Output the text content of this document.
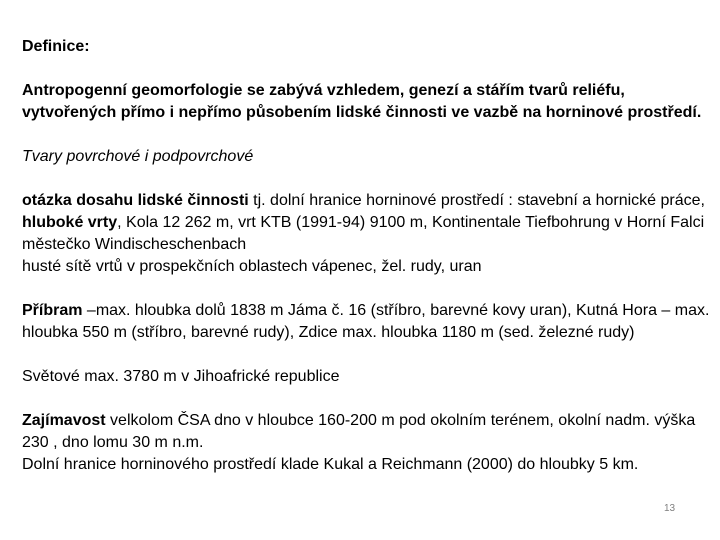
Definice:

Antropogenní geomorfologie se zabývá vzhledem, genezí a stářím tvarů reliéfu, vytvořených přímo i nepřímo působením lidské činnosti ve vazbě na horninové prostředí.

Tvary povrchové i podpovrchové

otázka dosahu lidské činnosti tj. dolní hranice horninové prostředí : stavební a hornické práce, hluboké vrty, Kola 12 262 m, vrt KTB (1991-94) 9100 m, Kontinentale Tiefbohrung v Horní Falci městečko Windischeschenbach

husté sítě vrtů v prospekčních oblastech vápenec, žel. rudy, uran

Příbram –max. hloubka dolů 1838 m Jáma č. 16 (stříbro, barevné kovy uran), Kutná Hora – max. hloubka 550 m (stříbro, barevné rudy), Zdice max. hloubka 1180 m (sed. železné rudy)

Světové max. 3780 m v Jihoafrické republice

Zajímavost velkolom ČSA dno v hloubce 160-200 m pod okolním terénem, okolní nadm. výška 230 , dno lomu 30 m n.m.

Dolní hranice horninového prostředí klade Kukal a Reichmann (2000) do hloubky 5 km.

13
